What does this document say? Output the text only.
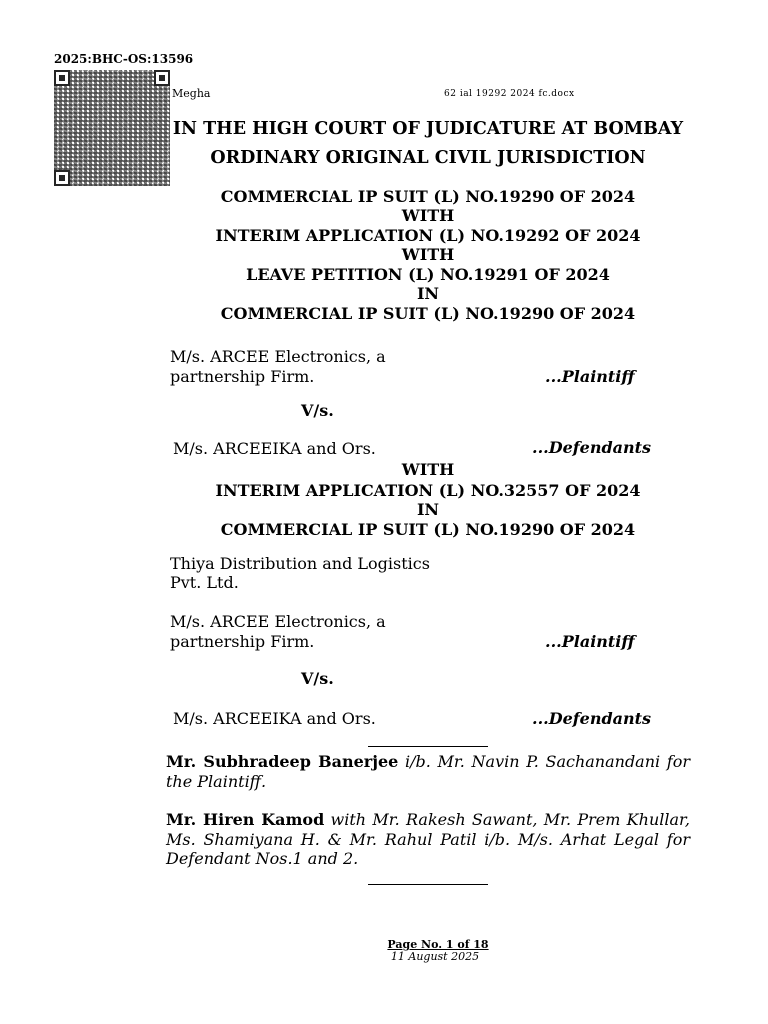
2025:BHC-OS:13596
Megha	62 ial 19292 2024 fc.docx
IN THE HIGH COURT OF JUDICATURE AT BOMBAY
ORDINARY ORIGINAL CIVIL JURISDICTION
COMMERCIAL IP SUIT (L) NO.19290 OF 2024
WITH
INTERIM APPLICATION (L) NO.19292 OF 2024
WITH
LEAVE PETITION (L) NO.19291 OF 2024
IN
COMMERCIAL IP SUIT (L) NO.19290 OF 2024
M/s. ARCEE Electronics, a
partnership Firm.	...Plaintiff
V/s.
M/s. ARCEEIKA and Ors.	...Defendants
WITH
INTERIM APPLICATION (L) NO.32557 OF 2024
IN
COMMERCIAL IP SUIT (L) NO.19290 OF 2024
Thiya Distribution and Logistics
Pvt. Ltd.
M/s. ARCEE Electronics, a
partnership Firm.	...Plaintiff
V/s.
M/s. ARCEEIKA and Ors.	...Defendants
Mr. Subhradeep Banerjee i/b. Mr. Navin P. Sachanandani for the Plaintiff.
Mr. Hiren Kamod with Mr. Rakesh Sawant, Mr. Prem Khullar, Ms. Shamiyana H. & Mr. Rahul Patil i/b. M/s. Arhat Legal for Defendant Nos.1 and 2.
Page No. 1 of 18
11 August 2025
